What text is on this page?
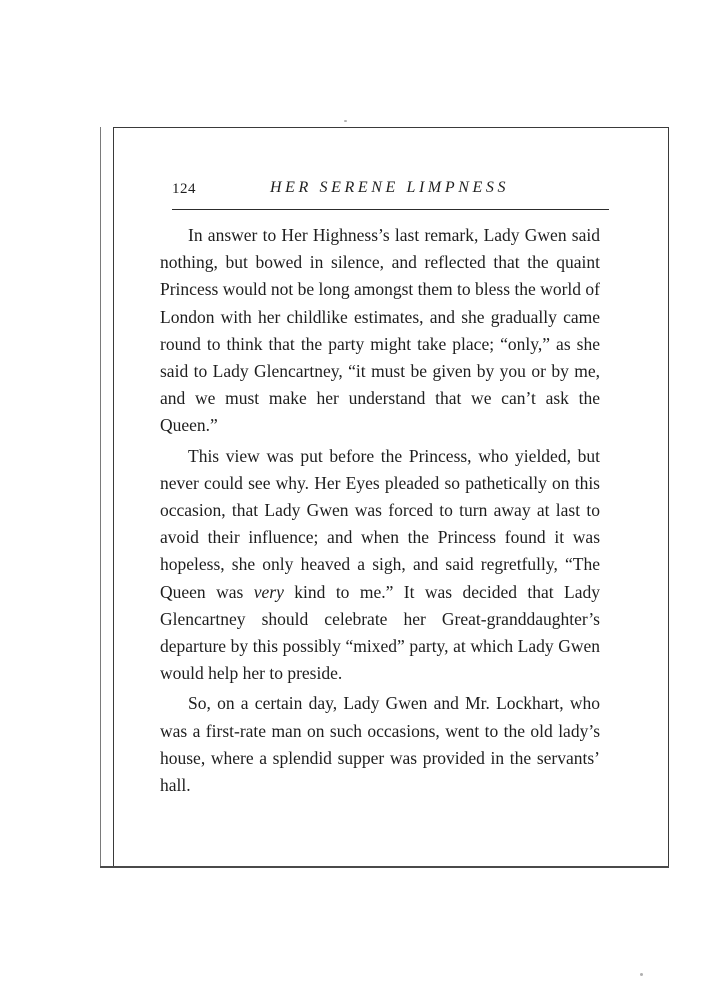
124	HER SERENE LIMPNESS

In answer to Her Highness’s last remark, Lady Gwen said nothing, but bowed in silence, and reflected that the quaint Princess would not be long amongst them to bless the world of London with her childlike estimates, and she gradually came round to think that the party might take place; “only,” as she said to Lady Glencartney, “it must be given by you or by me, and we must make her understand that we can’t ask the Queen.”

This view was put before the Princess, who yielded, but never could see why. Her Eyes pleaded so pathetically on this occasion, that Lady Gwen was forced to turn away at last to avoid their influence; and when the Princess found it was hopeless, she only heaved a sigh, and said regretfully, “The Queen was very kind to me.” It was decided that Lady Glencartney should celebrate her Great-granddaughter’s departure by this possibly “mixed” party, at which Lady Gwen would help her to preside.

So, on a certain day, Lady Gwen and Mr. Lockhart, who was a first-rate man on such occasions, went to the old lady’s house, where a splendid supper was provided in the servants’ hall.
